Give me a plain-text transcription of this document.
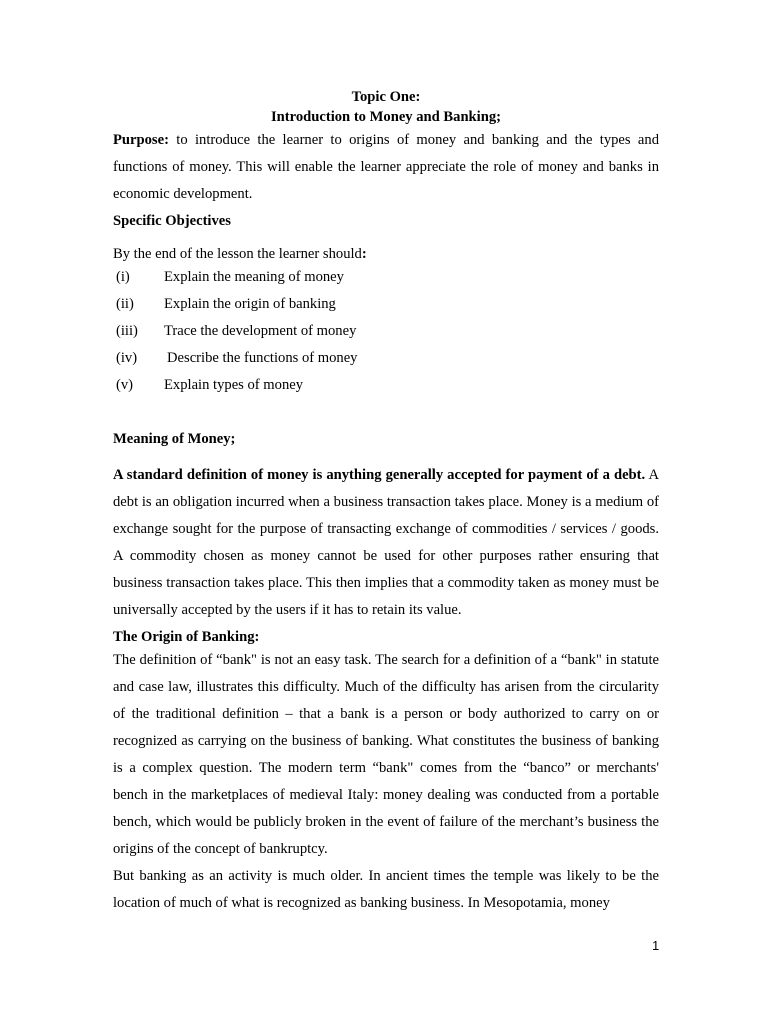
Topic One:
Introduction to Money and Banking;

Purpose: to introduce the learner to origins of money and banking and the types and functions of money. This will enable the learner appreciate the role of money and banks in economic development.

Specific Objectives

By the end of the lesson the learner should:

(i)	Explain the meaning of money
(ii)	Explain the origin of banking
(iii)	Trace the development of money
(iv)	Describe the functions of money
(v)	Explain types of money

Meaning of Money;

A standard definition of money is anything generally accepted for payment of a debt. A debt is an obligation incurred when a business transaction takes place. Money is a medium of exchange sought for the purpose of transacting exchange of commodities / services / goods. A commodity chosen as money cannot be used for other purposes rather ensuring that business transaction takes place. This then implies that a commodity taken as money must be universally accepted by the users if it has to retain its value.

The Origin of Banking:

The definition of “bank" is not an easy task. The search for a definition of a “bank" in statute and case law, illustrates this difficulty. Much of the difficulty has arisen from the circularity of the traditional definition – that a bank is a person or body authorized to carry on or recognized as carrying on the business of banking. What constitutes the business of banking is a complex question. The modern term “bank" comes from the “banco” or merchants' bench in the marketplaces of medieval Italy: money dealing was conducted from a portable bench, which would be publicly broken in the event of failure of the merchant’s business the origins of the concept of bankruptcy.

But banking as an activity is much older. In ancient times the temple was likely to be the location of much of what is recognized as banking business. In Mesopotamia, money

1
